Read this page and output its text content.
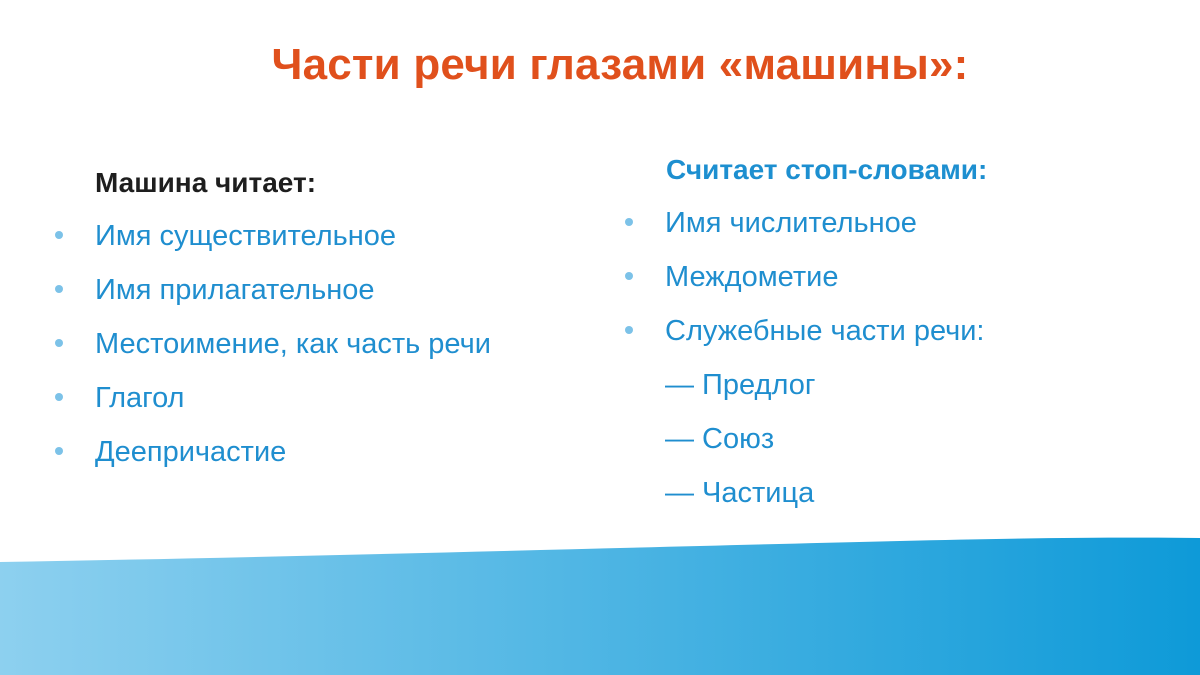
Части речи глазами «машины»:
Машина читает:
Имя существительное
Имя прилагательное
Местоимение, как часть речи
Глагол
Деепричастие
Считает стоп-словами:
Имя числительное
Междометие
Служебные части речи:
— Предлог
— Союз
— Частица
